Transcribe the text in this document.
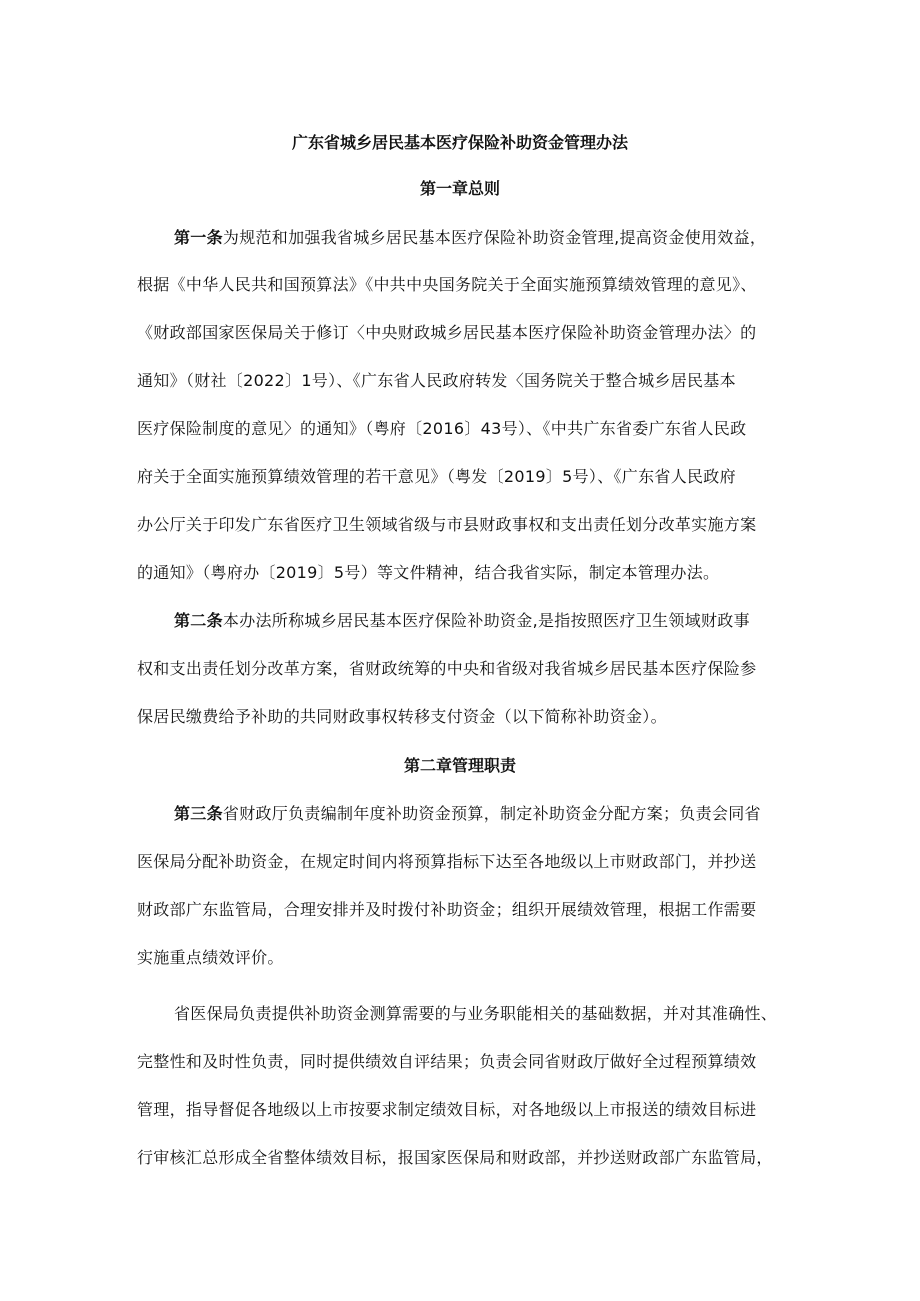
广东省城乡居民基本医疗保险补助资金管理办法
第一章总则
第一条为规范和加强我省城乡居民基本医疗保险补助资金管理,提高资金使用效益，
根据《中华人民共和国预算法》《中共中央国务院关于全面实施预算绩效管理的意见》、
《财政部国家医保局关于修订〈中央财政城乡居民基本医疗保险补助资金管理办法〉的
通知》（财社〔2022〕1号）、《广东省人民政府转发〈国务院关于整合城乡居民基本
医疗保险制度的意见〉的通知》（粤府〔2016〕43号）、《中共广东省委广东省人民政
府关于全面实施预算绩效管理的若干意见》（粤发〔2019〕5号）、《广东省人民政府
办公厅关于印发广东省医疗卫生领域省级与市县财政事权和支出责任划分改革实施方案
的通知》（粤府办〔2019〕5号）等文件精神，结合我省实际，制定本管理办法。
第二条本办法所称城乡居民基本医疗保险补助资金,是指按照医疗卫生领域财政事
权和支出责任划分改革方案，省财政统筹的中央和省级对我省城乡居民基本医疗保险参
保居民缴费给予补助的共同财政事权转移支付资金（以下简称补助资金）。
第二章管理职责
第三条省财政厅负责编制年度补助资金预算，制定补助资金分配方案；负责会同省
医保局分配补助资金，在规定时间内将预算指标下达至各地级以上市财政部门，并抄送
财政部广东监管局，合理安排并及时拨付补助资金；组织开展绩效管理，根据工作需要
实施重点绩效评价。
省医保局负责提供补助资金测算需要的与业务职能相关的基础数据，并对其准确性、
完整性和及时性负责，同时提供绩效自评结果；负责会同省财政厅做好全过程预算绩效
管理，指导督促各地级以上市按要求制定绩效目标，对各地级以上市报送的绩效目标进
行审核汇总形成全省整体绩效目标，报国家医保局和财政部，并抄送财政部广东监管局，
